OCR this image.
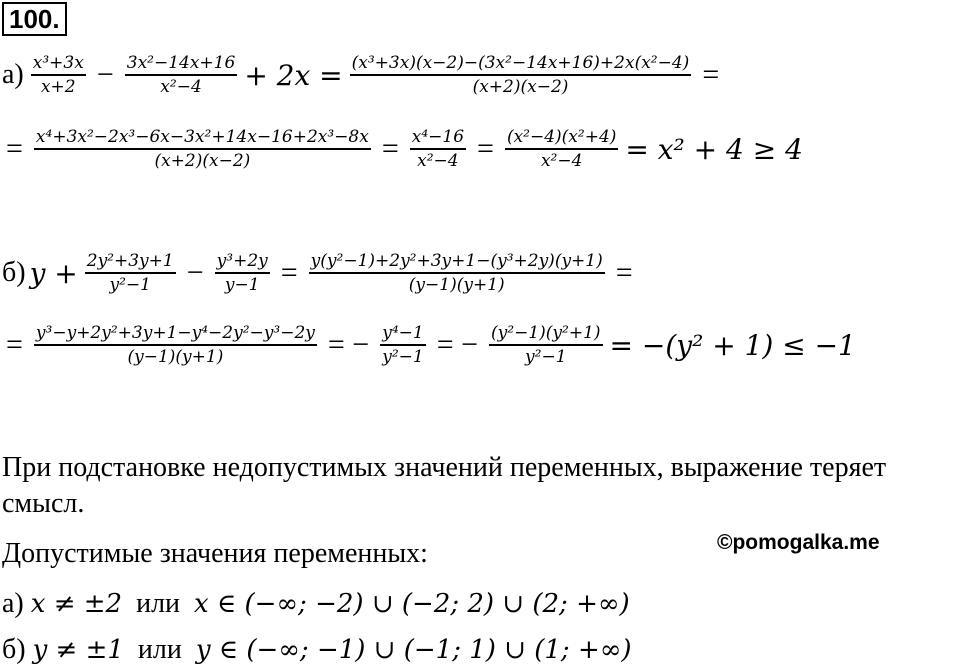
100.
$а) \frac{\text{x³+3x}}{x+2} - \frac{\text{3x²−14x+16}}{\text{x²−4}} + 2x = \frac{\text{(x³+3x)(x−2)−(3x²−14x+16)+2x(x²−4)}}{(x+2)(x-2)}$ =
= $\frac{\text{x⁴+3x²−2x³−6x−3x²+14x−16+2x³−8x}}{(x+2)(x-2)} = \frac{\text{x⁴−16}}{\text{x²−4}} = \frac{\text{(x²−4)(x²+4)}}{\text{x²−4}} = x^2 + 4 \ge 4$
б) $y + \frac{\text{2y²+3y+1}}{\text{y²−1}} - \frac{\text{y³+2y}}{y-1} = \frac{\text{y(y²−1)+2y²+3y+1−(y³+2y)(y+1)}}{(y-1)(y+1)}$ =
= $\frac{\text{y³−y+2y²+3y+1−y⁴−2y²−y³−2y}}{(y-1)(y+1)}$ = − $\frac{\text{y⁴−1}}{\text{y²−1}}$ = − $\frac{\text{(y²−1)(y²+1)}}{\text{y²−1}} = -(y^2 + 1) \le -1$
При подстановке недопустимых значений переменных, выражение теряет смысл.
Допустимые значения переменных:	©pomogalka.me
а) x ≠ ±2 или x ∈ (−∞; −2) ∪ (−2; 2) ∪ (2; +∞)
б) y ≠ ±1 или y ∈ (−∞; −1) ∪ (−1; 1) ∪ (1; +∞)
